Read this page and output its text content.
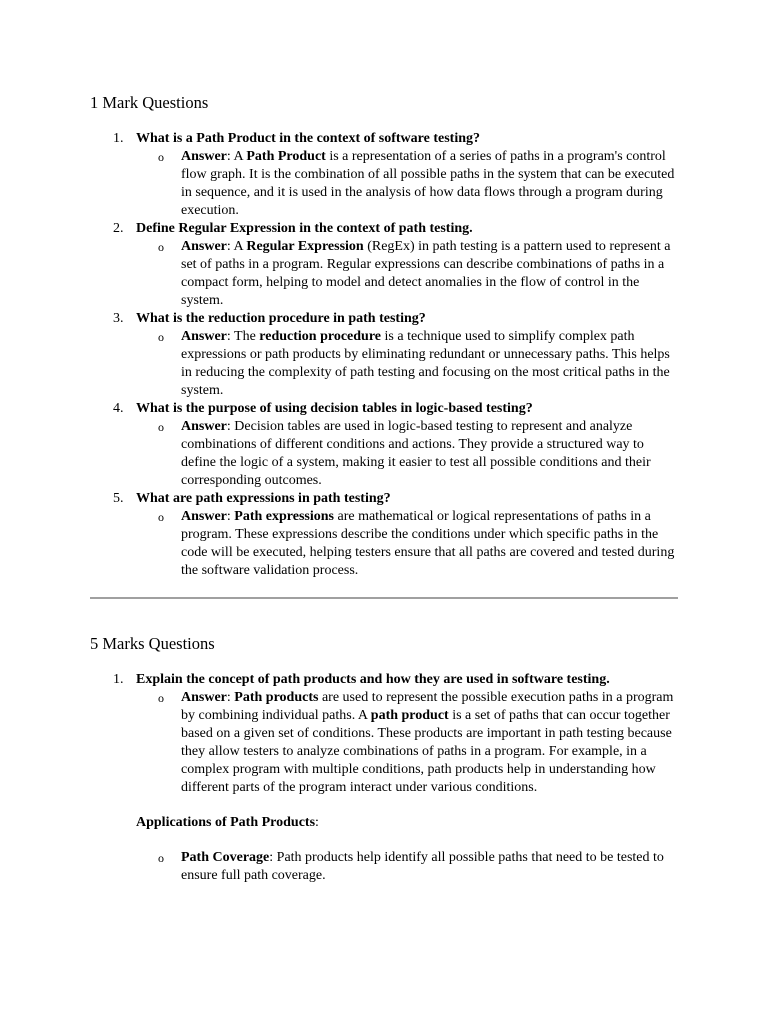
1 Mark Questions
1. What is a Path Product in the context of software testing?
o Answer: A Path Product is a representation of a series of paths in a program's control flow graph. It is the combination of all possible paths in the system that can be executed in sequence, and it is used in the analysis of how data flows through a program during execution.
2. Define Regular Expression in the context of path testing.
o Answer: A Regular Expression (RegEx) in path testing is a pattern used to represent a set of paths in a program. Regular expressions can describe combinations of paths in a compact form, helping to model and detect anomalies in the flow of control in the system.
3. What is the reduction procedure in path testing?
o Answer: The reduction procedure is a technique used to simplify complex path expressions or path products by eliminating redundant or unnecessary paths. This helps in reducing the complexity of path testing and focusing on the most critical paths in the system.
4. What is the purpose of using decision tables in logic-based testing?
o Answer: Decision tables are used in logic-based testing to represent and analyze combinations of different conditions and actions. They provide a structured way to define the logic of a system, making it easier to test all possible conditions and their corresponding outcomes.
5. What are path expressions in path testing?
o Answer: Path expressions are mathematical or logical representations of paths in a program. These expressions describe the conditions under which specific paths in the code will be executed, helping testers ensure that all paths are covered and tested during the software validation process.
5 Marks Questions
1. Explain the concept of path products and how they are used in software testing.
o Answer: Path products are used to represent the possible execution paths in a program by combining individual paths. A path product is a set of paths that can occur together based on a given set of conditions. These products are important in path testing because they allow testers to analyze combinations of paths in a program. For example, in a complex program with multiple conditions, path products help in understanding how different parts of the program interact under various conditions.
Applications of Path Products:
o Path Coverage: Path products help identify all possible paths that need to be tested to ensure full path coverage.
